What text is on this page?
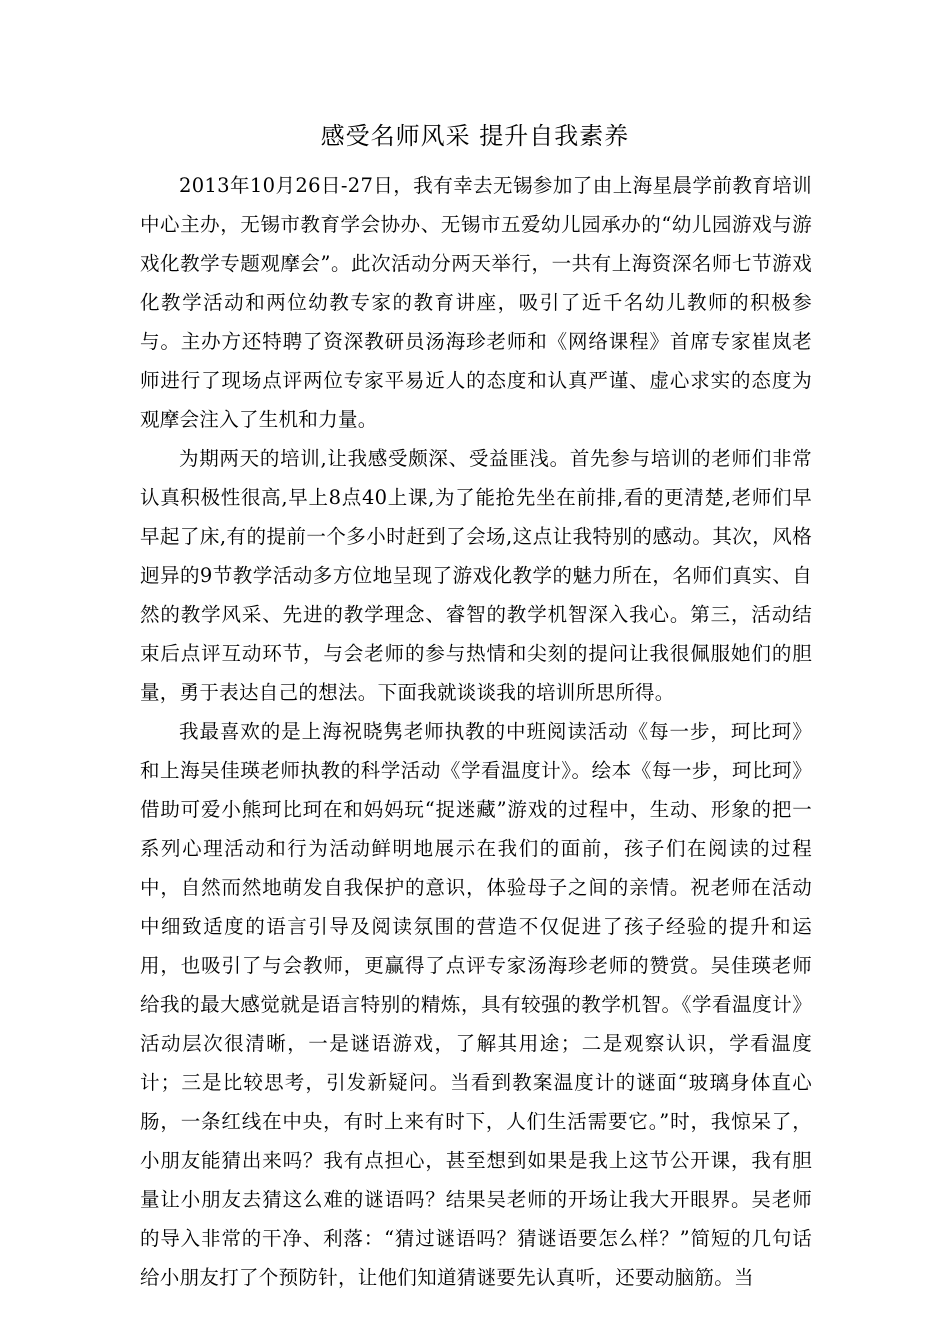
感受名师风采 提升自我素养

2013年10月26日-27日，我有幸去无锡参加了由上海星晨学前教育培训中心主办，无锡市教育学会协办、无锡市五爱幼儿园承办的“幼儿园游戏与游戏化教学专题观摩会”。此次活动分两天举行，一共有上海资深名师七节游戏化教学活动和两位幼教专家的教育讲座，吸引了近千名幼儿教师的积极参与。主办方还特聘了资深教研员汤海珍老师和《网络课程》首席专家崔岚老师进行了现场点评两位专家平易近人的态度和认真严谨、虚心求实的态度为观摩会注入了生机和力量。

为期两天的培训,让我感受颇深、受益匪浅。首先参与培训的老师们非常认真积极性很高,早上8点40上课,为了能抢先坐在前排,看的更清楚,老师们早早起了床,有的提前一个多小时赶到了会场,这点让我特别的感动。其次，风格迥异的9节教学活动多方位地呈现了游戏化教学的魅力所在，名师们真实、自然的教学风采、先进的教学理念、睿智的教学机智深入我心。第三，活动结束后点评互动环节，与会老师的参与热情和尖刻的提问让我很佩服她们的胆量，勇于表达自己的想法。下面我就谈谈我的培训所思所得。

我最喜欢的是上海祝晓隽老师执教的中班阅读活动《每一步，珂比珂》和上海吴佳瑛老师执教的科学活动《学看温度计》。绘本《每一步，珂比珂》借助可爱小熊珂比珂在和妈妈玩“捉迷藏”游戏的过程中，生动、形象的把一系列心理活动和行为活动鲜明地展示在我们的面前，孩子们在阅读的过程中，自然而然地萌发自我保护的意识，体验母子之间的亲情。祝老师在活动中细致适度的语言引导及阅读氛围的营造不仅促进了孩子经验的提升和运用，也吸引了与会教师，更赢得了点评专家汤海珍老师的赞赏。吴佳瑛老师给我的最大感觉就是语言特别的精炼，具有较强的教学机智。《学看温度计》活动层次很清晰，一是谜语游戏，了解其用途；二是观察认识，学看温度计；三是比较思考，引发新疑问。当看到教案温度计的谜面“玻璃身体直心肠，一条红线在中央，有时上来有时下，人们生活需要它。”时，我惊呆了，小朋友能猜出来吗？我有点担心，甚至想到如果是我上这节公开课，我有胆量让小朋友去猜这么难的谜语吗？结果吴老师的开场让我大开眼界。吴老师的导入非常的干净、利落：“猜过谜语吗？猜谜语要怎么样？”简短的几句话给小朋友打了个预防针，让他们知道猜谜要先认真听，还要动脑筋。当
